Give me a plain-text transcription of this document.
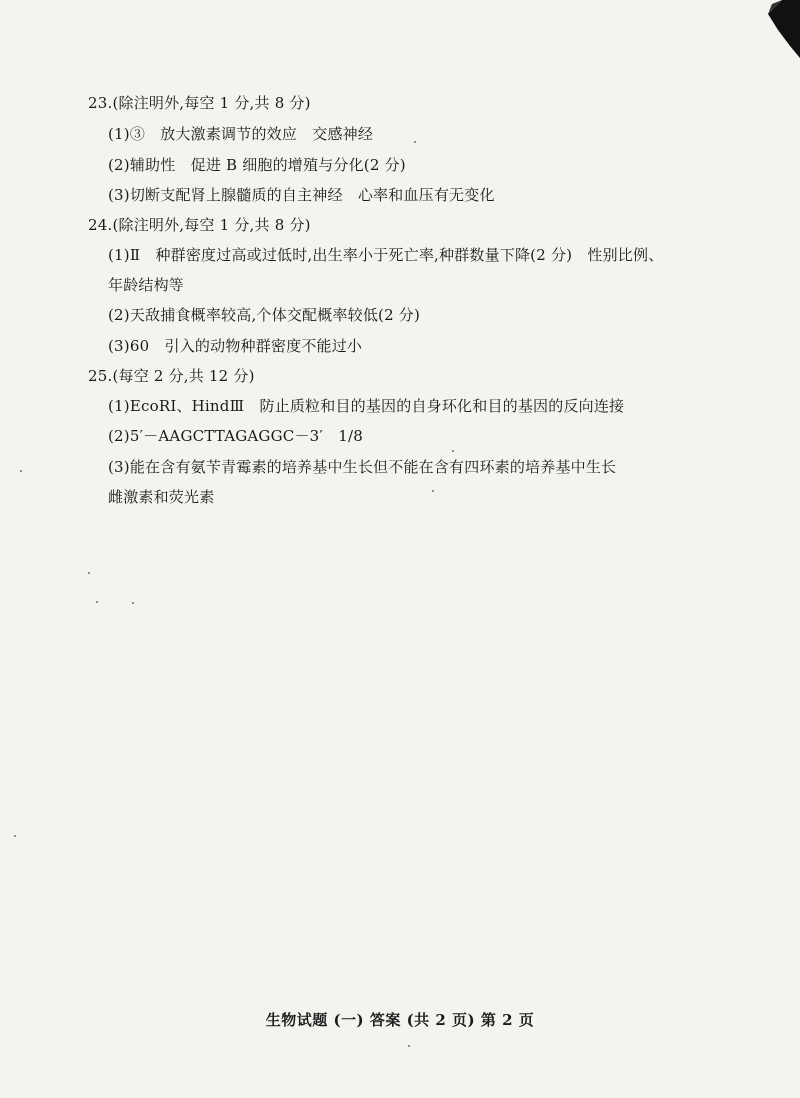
23.(除注明外,每空 1 分,共 8 分)
(1)③　放大激素调节的效应　交感神经
(2)辅助性　促进 B 细胞的增殖与分化(2 分)
(3)切断支配肾上腺髓质的自主神经　心率和血压有无变化
24.(除注明外,每空 1 分,共 8 分)
(1)Ⅱ　种群密度过高或过低时,出生率小于死亡率,种群数量下降(2 分)　性别比例、
年龄结构等
(2)天敌捕食概率较高,个体交配概率较低(2 分)
(3)60　引入的动物种群密度不能过小
25.(每空 2 分,共 12 分)
(1)EcoRⅠ、HindⅢ　防止质粒和目的基因的自身环化和目的基因的反向连接
(2)5′－AAGCTTAGAGGC－3′　1/8
(3)能在含有氨苄青霉素的培养基中生长但不能在含有四环素的培养基中生长
雌激素和荧光素
生物试题 (一) 答案 (共 2 页) 第 2 页
